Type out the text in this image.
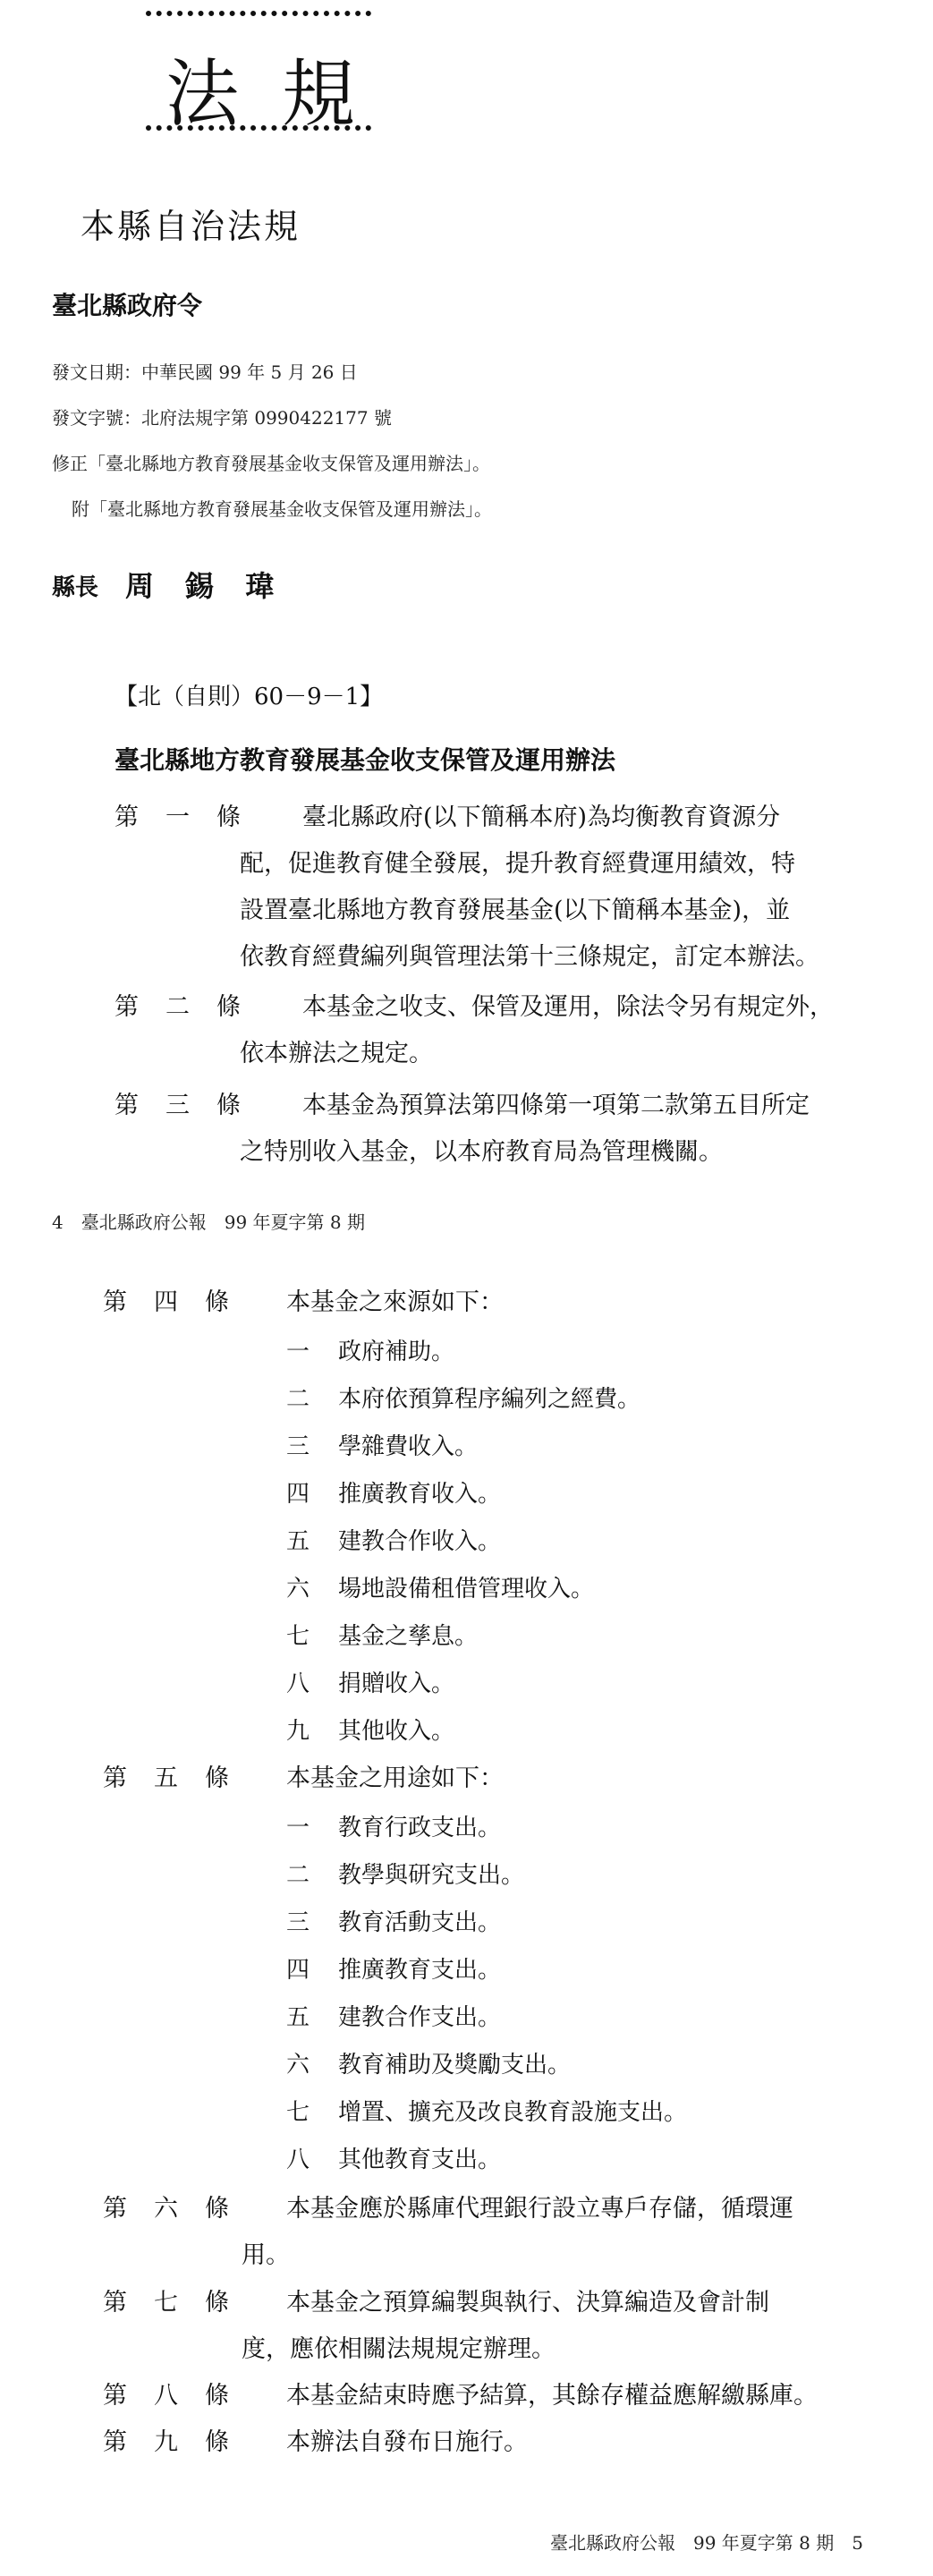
法規
本縣自治法規
臺北縣政府令
發文日期：中華民國 99 年 5 月 26 日
發文字號：北府法規字第 0990422177 號
修正「臺北縣地方教育發展基金收支保管及運用辦法」。
附「臺北縣地方教育發展基金收支保管及運用辦法」。
縣長 周 錫 瑋
【北（自則）60－9－1】
臺北縣地方教育發展基金收支保管及運用辦法
第一條 臺北縣政府(以下簡稱本府)為均衡教育資源分
配，促進教育健全發展，提升教育經費運用績效，特
設置臺北縣地方教育發展基金(以下簡稱本基金)，並
依教育經費編列與管理法第十三條規定，訂定本辦法。
第二條 本基金之收支、保管及運用，除法令另有規定外，
依本辦法之規定。
第三條 本基金為預算法第四條第一項第二款第五目所定
之特別收入基金，以本府教育局為管理機關。
4　臺北縣政府公報　99 年夏字第 8 期
第四條 本基金之來源如下：
一 政府補助。
二 本府依預算程序編列之經費。
三 學雜費收入。
四 推廣教育收入。
五 建教合作收入。
六 場地設備租借管理收入。
七 基金之孳息。
八 捐贈收入。
九 其他收入。
第五條 本基金之用途如下：
一 教育行政支出。
二 教學與研究支出。
三 教育活動支出。
四 推廣教育支出。
五 建教合作支出。
六 教育補助及獎勵支出。
七 增置、擴充及改良教育設施支出。
八 其他教育支出。
第六條 本基金應於縣庫代理銀行設立專戶存儲，循環運
用。
第七條 本基金之預算編製與執行、決算編造及會計制
度，應依相關法規規定辦理。
第八條 本基金結束時應予結算，其餘存權益應解繳縣庫。
第九條 本辦法自發布日施行。
臺北縣政府公報　99 年夏字第 8 期　5
